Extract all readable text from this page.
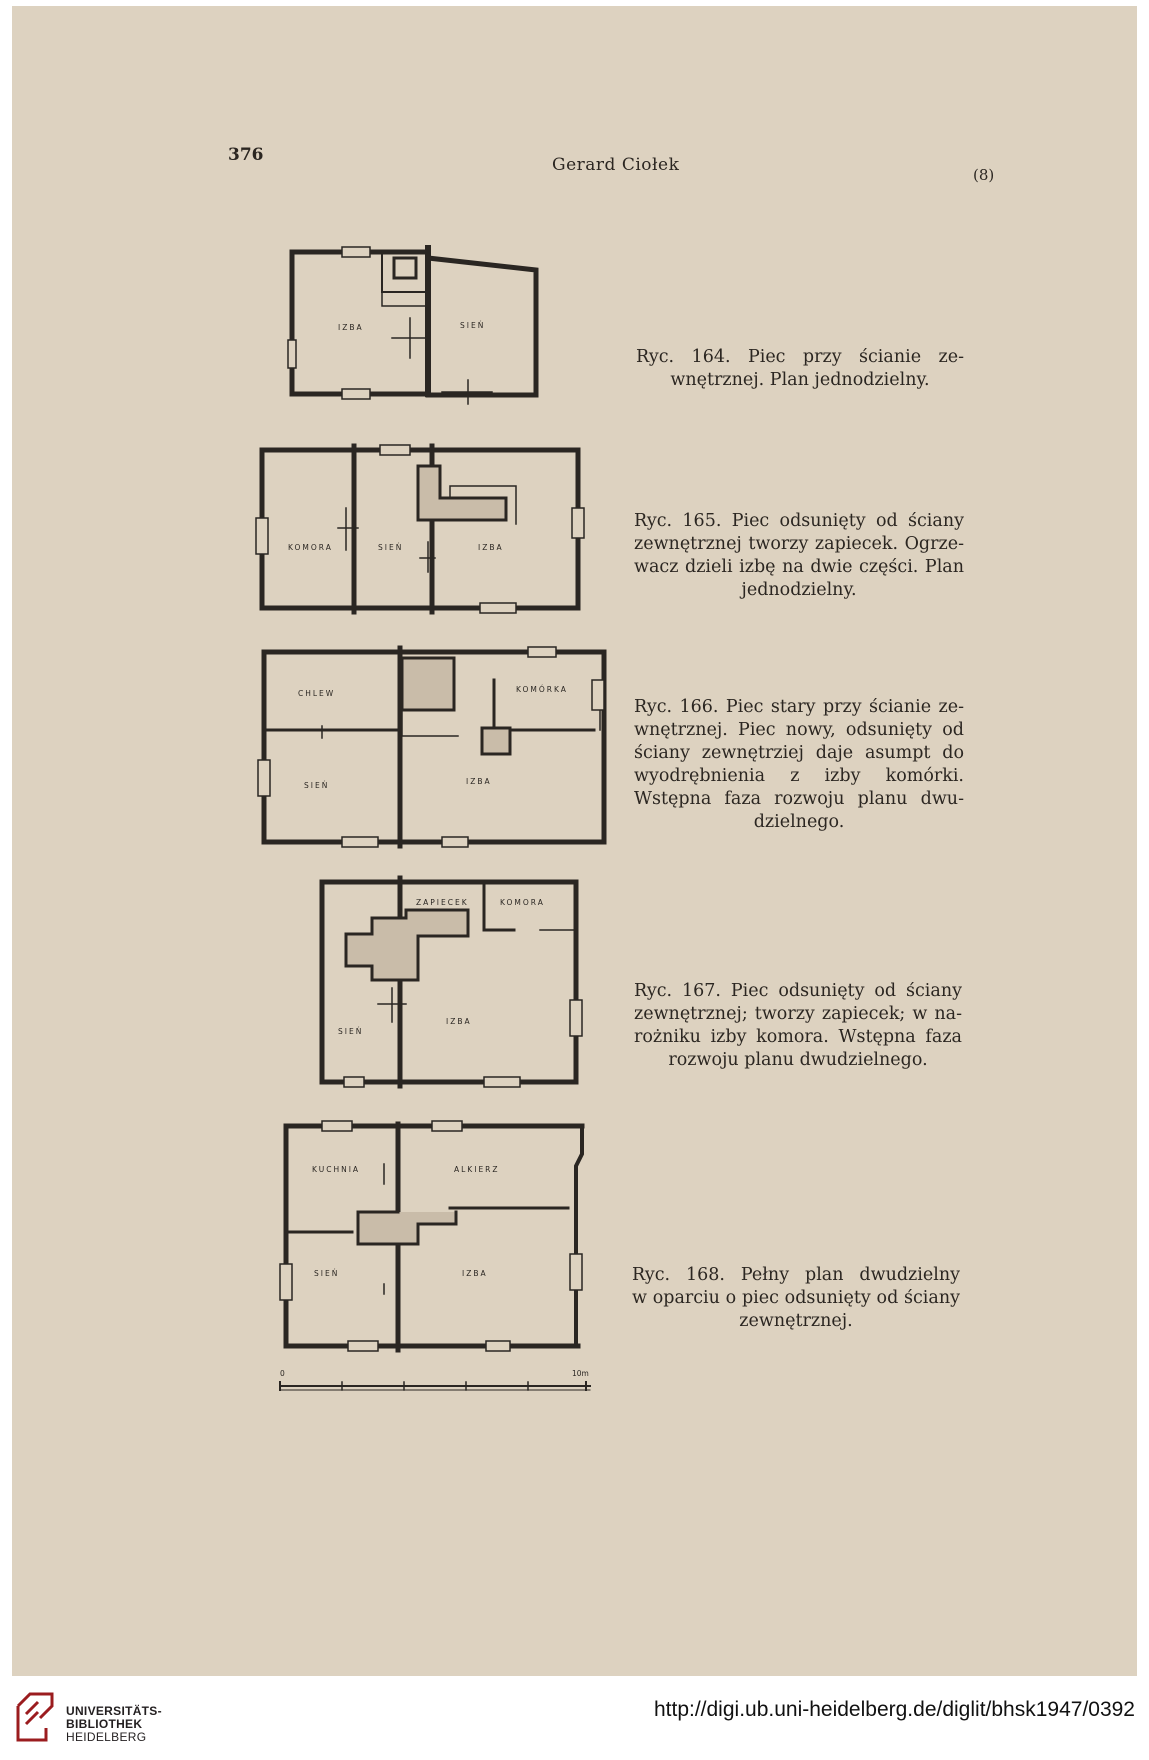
376	Gerard Ciołek	(8)
IZBA	SIEŃ
Ryc. 164. Piec przy ścianie ze-
wnętrznej. Plan jednodzielny.
KOMORA	SIEŃ	IZBA
Ryc. 165. Piec odsunięty od ściany
zewnętrznej tworzy zapiecek. Ogrze-
wacz dzieli izbę na dwie części. Plan
jednodzielny.
CHLEW	KOMÓRKA
SIEŃ	IZBA
Ryc. 166. Piec stary przy ścianie ze-
wnętrznej. Piec nowy, odsunięty od
ściany zewnętrziej daje asumpt do
wyodrębnienia z izby komórki.
Wstępna faza rozwoju planu dwu-
dzielnego.
ZAPIECEK	KOMORA
SIEŃ
IZBA
Ryc. 167. Piec odsunięty od ściany
zewnętrznej; tworzy zapiecek; w na-
rożniku izby komora. Wstępna faza
rozwoju planu dwudzielnego.
KUCHNIA	ALKIERZ
SIEŃ	IZBA
0	10m
Ryc. 168. Pełny plan dwudzielny
w oparciu o piec odsunięty od ściany
zewnętrznej.
UNIVERSITÄTS-
BIBLIOTHEK
HEIDELBERG
http://digi.ub.uni-heidelberg.de/diglit/bhsk1947/0392
